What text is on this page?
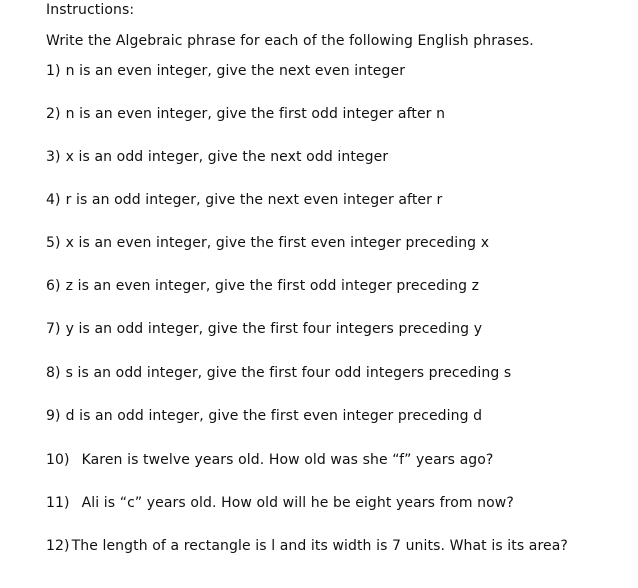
Instructions:
Write the Algebraic phrase for each of the following English phrases.
1) n is an even integer, give the next even integer
2) n is an even integer, give the first odd integer after n
3) x is an odd integer, give the next odd integer
4) r is an odd integer, give the next even integer after r
5) x is an even integer, give the first even integer preceding x
6) z is an even integer, give the first odd integer preceding z
7) y is an odd integer, give the first four integers preceding y
8) s is an odd integer, give the first four odd integers preceding s
9) d is an odd integer, give the first even integer preceding d
10) Karen is twelve years old. How old was she “f” years ago?
11) Ali is “c” years old. How old will he be eight years from now?
12) The length of a rectangle is l and its width is 7 units. What is its area?
